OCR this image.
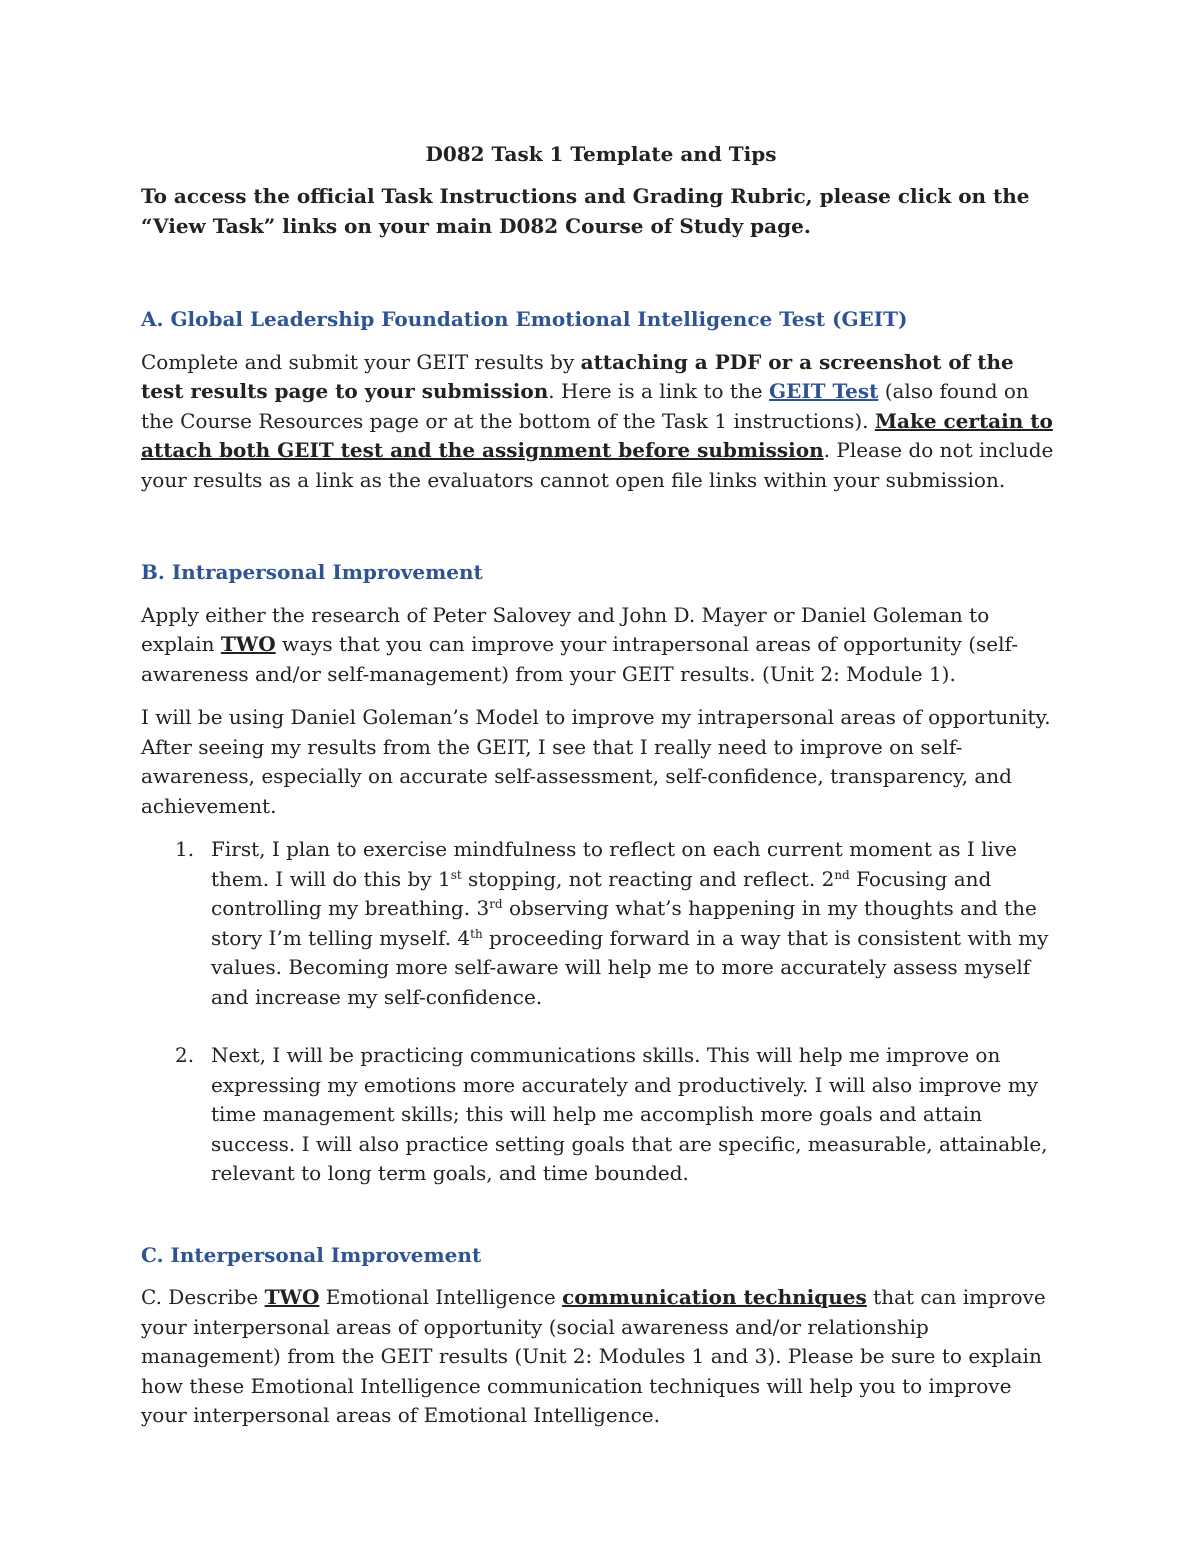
D082 Task 1 Template and Tips
To access the official Task Instructions and Grading Rubric, please click on the “View Task” links on your main D082 Course of Study page.
A. Global Leadership Foundation Emotional Intelligence Test (GEIT)

Complete and submit your GEIT results by attaching a PDF or a screenshot of the test results page to your submission. Here is a link to the GEIT Test (also found on the Course Resources page or at the bottom of the Task 1 instructions). Make certain to attach both GEIT test and the assignment before submission. Please do not include your results as a link as the evaluators cannot open file links within your submission.

B. Intrapersonal Improvement

Apply either the research of Peter Salovey and John D. Mayer or Daniel Goleman to explain TWO ways that you can improve your intrapersonal areas of opportunity (self-awareness and/or self-management) from your GEIT results. (Unit 2: Module 1).

I will be using Daniel Goleman’s Model to improve my intrapersonal areas of opportunity. After seeing my results from the GEIT, I see that I really need to improve on self-awareness, especially on accurate self-assessment, self-confidence, transparency, and achievement.

1. First, I plan to exercise mindfulness to reflect on each current moment as I live them. I will do this by 1st stopping, not reacting and reflect. 2nd Focusing and controlling my breathing. 3rd observing what’s happening in my thoughts and the story I’m telling myself. 4th proceeding forward in a way that is consistent with my values. Becoming more self-aware will help me to more accurately assess myself and increase my self-confidence.
2. Next, I will be practicing communications skills. This will help me improve on expressing my emotions more accurately and productively. I will also improve my time management skills; this will help me accomplish more goals and attain success. I will also practice setting goals that are specific, measurable, attainable, relevant to long term goals, and time bounded.
C. Interpersonal Improvement

C. Describe TWO Emotional Intelligence communication techniques that can improve your interpersonal areas of opportunity (social awareness and/or relationship management) from the GEIT results (Unit 2: Modules 1 and 3). Please be sure to explain how these Emotional Intelligence communication techniques will help you to improve your interpersonal areas of Emotional Intelligence.
